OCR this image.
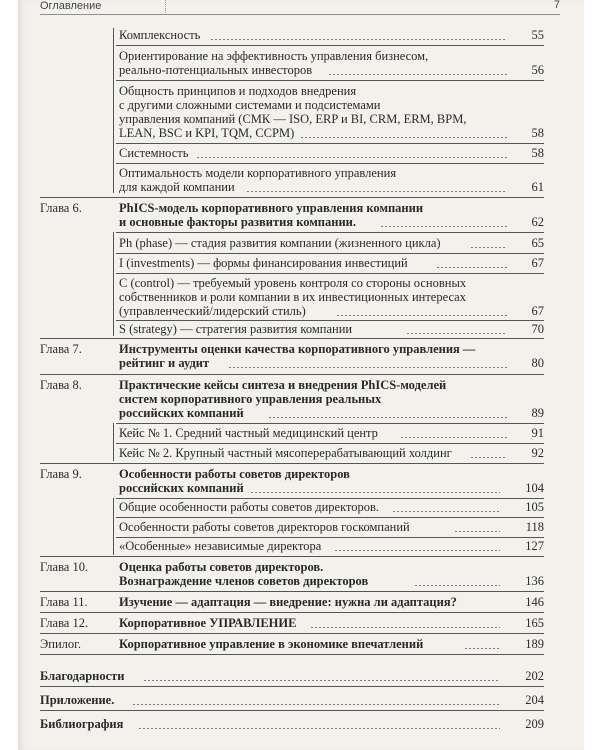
Оглавление	7
Комплексность	55
Ориентирование на эффективность управления бизнесом,
реально-потенциальных инвесторов	56
Общность принципов и подходов внедрения
с другими сложными системами и подсистемами
управления компаний (СМК — ISO, ERP и BI, CRM, ERM, BPM,
LEAN, BSC и KPI, TQM, CCPM)	58
Системность	58
Оптимальность модели корпоративного управления
для каждой компании	61
Глава 6.	PhICS-модель корпоративного управления компании
и основные факторы развития компании.	62
Ph (phase) — стадия развития компании (жизненного цикла)	65
I (investments) — формы финансирования инвестиций	67
С (control) — требуемый уровень контроля со стороны основных
собственников и роли компании в их инвестиционных интересах
(управленческий/лидерский стиль)	67
S (strategy) — стратегия развития компании	70
Глава 7.	Инструменты оценки качества корпоративного управления —
рейтинг и аудит	80
Глава 8.	Практические кейсы синтеза и внедрения PhICS-моделей
систем корпоративного управления реальных
российских компаний	89
Кейс № 1. Средний частный медицинский центр	91
Кейс № 2. Крупный частный мясоперерабатывающий холдинг	92
Глава 9.	Особенности работы советов директоров
российских компаний	104
Общие особенности работы советов директоров.	105
Особенности работы советов директоров госкомпаний	118
«Особенные» независимые директора	127
Глава 10. Оценка работы советов директоров.
Вознаграждение членов советов директоров	136
Глава 11.	Изучение — адаптация — внедрение: нужна ли адаптация?	146
Глава 12. Корпоративное УПРАВЛЕНИЕ	165
Эпилог.	Корпоративное управление в экономике впечатлений	189
Благодарности	202
Приложение.	204
Библиография	209
